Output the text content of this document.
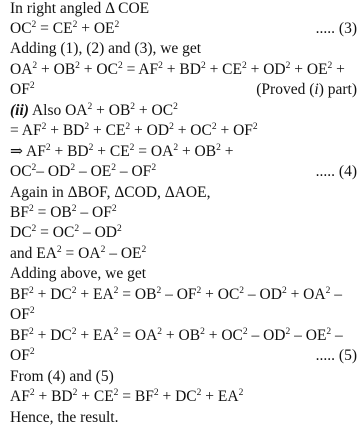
In right angled Δ COE
$OC^2 = CE^2 + OE^2$	..... (3)
Adding (1), (2) and (3), we get
$OA^2 + OB^2 + OC^2 = AF^2 + BD^2 + CE^2 + OD^2 + OE^2$ +
$OF^2$	(Proved (i) part)
(ii) Also $OA^2 + OB^2 + OC^2$
= $AF^2 + BD^2 + CE^2 + OD^2 + OC^2 + OF^2$
⇒ $AF^2 + BD^2 + CE^2 = OA^2 + OB^2$ +
$OC^2-$ $OD^2 - OE^2 - OF^2$	..... (4)
Again in ΔBOF, ΔCOD, ΔAOE,
$BF^2 = OB^2 - OF^2$
$DC^2 = OC^2 - OD^2$
and $EA^2 = OA^2 - OE^2$
Adding above, we get
$BF^2 + DC^2 + EA^2 = OB^2 - OF^2 + OC^2 - OD^2 + OA^2$ –
$OF^2$
$BF^2 + DC^2 + EA^2 = OA^2 + OB^2 + OC^2 - OD^2 - OE^2$ –
$OF^2$	..... (5)
From (4) and (5)
$AF^2 + BD^2 + CE^2 = BF^2 + DC^2 + EA^2$
Hence, the result.
